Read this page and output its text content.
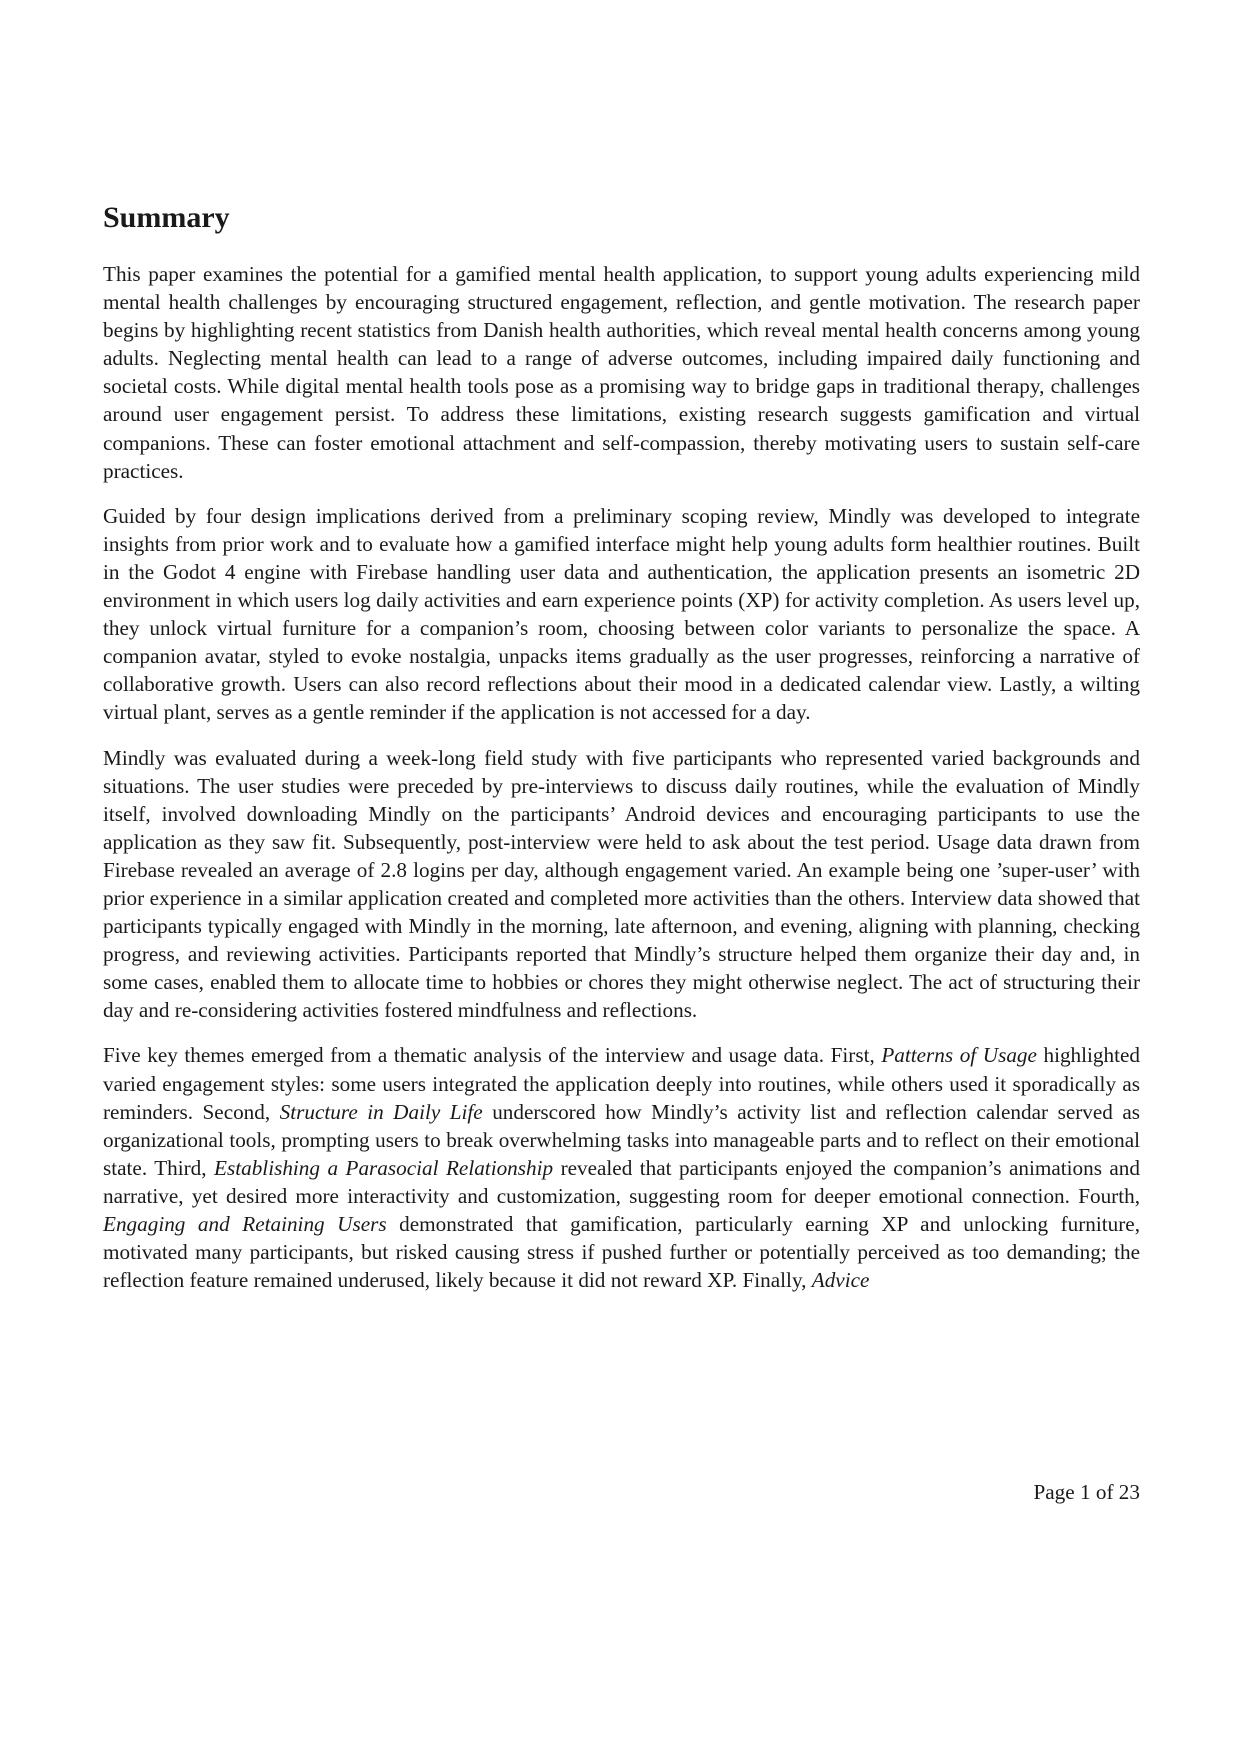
Summary

This paper examines the potential for a gamified mental health application, to support young adults experiencing mild mental health challenges by encouraging structured engagement, reflection, and gentle motivation. The research paper begins by highlighting recent statistics from Danish health authorities, which reveal mental health concerns among young adults. Neglecting mental health can lead to a range of adverse outcomes, including impaired daily functioning and societal costs. While digital mental health tools pose as a promising way to bridge gaps in traditional therapy, challenges around user engagement persist. To address these limitations, existing research suggests gamification and virtual companions. These can foster emotional attachment and self-compassion, thereby motivating users to sustain self-care practices.

Guided by four design implications derived from a preliminary scoping review, Mindly was developed to integrate insights from prior work and to evaluate how a gamified interface might help young adults form healthier routines. Built in the Godot 4 engine with Firebase handling user data and authentication, the application presents an isometric 2D environment in which users log daily activities and earn experience points (XP) for activity completion. As users level up, they unlock virtual furniture for a companion’s room, choosing between color variants to personalize the space. A companion avatar, styled to evoke nostalgia, unpacks items gradually as the user progresses, reinforcing a narrative of collaborative growth. Users can also record reflections about their mood in a dedicated calendar view. Lastly, a wilting virtual plant, serves as a gentle reminder if the application is not accessed for a day.

Mindly was evaluated during a week-long field study with five participants who represented varied backgrounds and situations. The user studies were preceded by pre-interviews to discuss daily routines, while the evaluation of Mindly itself, involved downloading Mindly on the participants’ Android devices and encouraging participants to use the application as they saw fit. Subsequently, post-interview were held to ask about the test period. Usage data drawn from Firebase revealed an average of 2.8 logins per day, although engagement varied. An example being one ’super-user’ with prior experience in a similar application created and completed more activities than the others. Interview data showed that participants typically engaged with Mindly in the morning, late afternoon, and evening, aligning with planning, checking progress, and reviewing activities. Participants reported that Mindly’s structure helped them organize their day and, in some cases, enabled them to allocate time to hobbies or chores they might otherwise neglect. The act of structuring their day and re-considering activities fostered mindfulness and reflections.

Five key themes emerged from a thematic analysis of the interview and usage data. First, Patterns of Usage highlighted varied engagement styles: some users integrated the application deeply into routines, while others used it sporadically as reminders. Second, Structure in Daily Life underscored how Mindly’s activity list and reflection calendar served as organizational tools, prompting users to break overwhelming tasks into manageable parts and to reflect on their emotional state. Third, Establishing a Parasocial Relationship revealed that participants enjoyed the companion’s animations and narrative, yet desired more interactivity and customization, suggesting room for deeper emotional connection. Fourth, Engaging and Retaining Users demonstrated that gamification, particularly earning XP and unlocking furniture, motivated many participants, but risked causing stress if pushed further or potentially perceived as too demanding; the reflection feature remained underused, likely because it did not reward XP. Finally, Advice

Page 1 of 23
